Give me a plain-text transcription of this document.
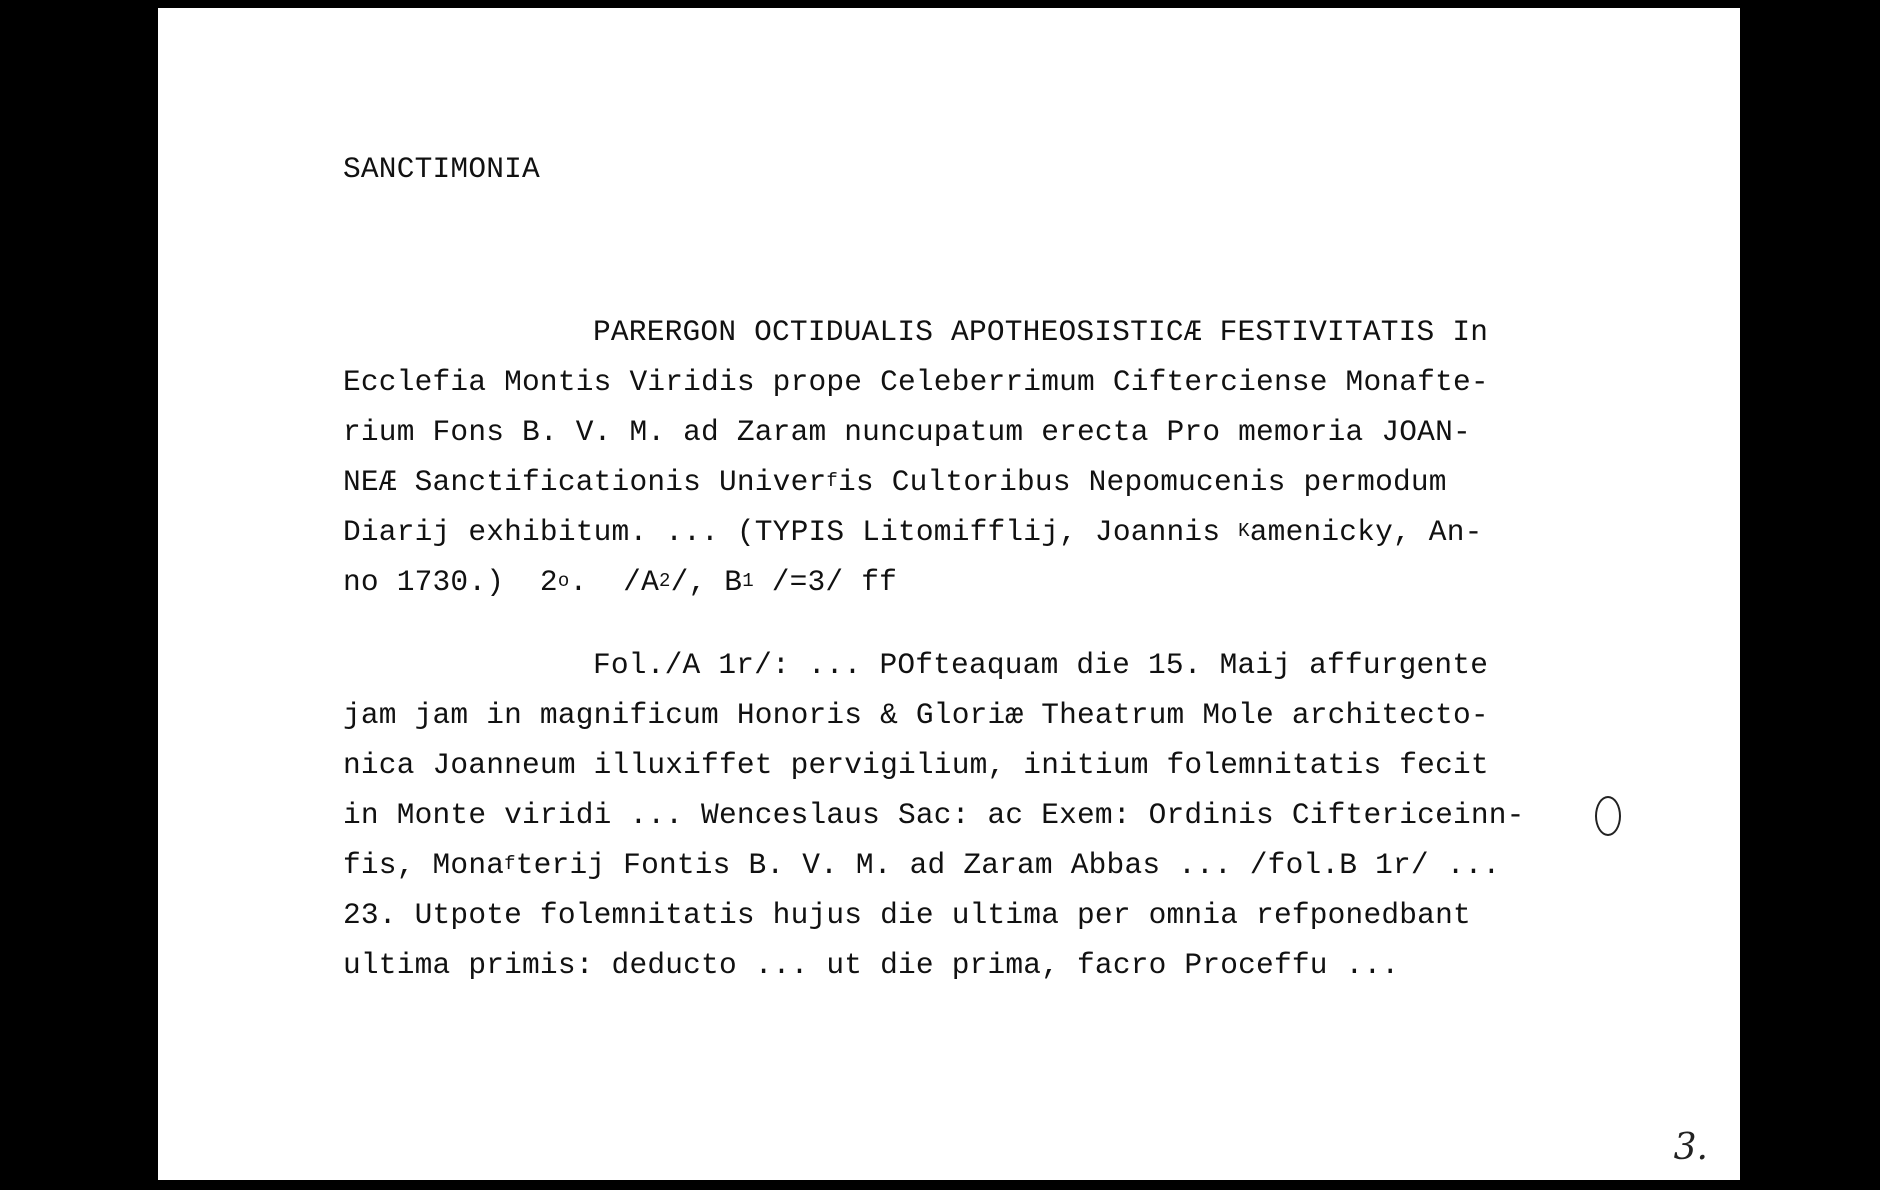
SANCTIMONIA

PARERGON OCTIDUALIS APOTHEOSISTICÆ FESTIVITATIS In

Ecclefia Montis Viridis prope Celeberrimum Cifterciense Monafte-

rium Fons B. V. M. ad Zaram nuncupatum erecta Pro memoria JOAN-

NEÆ Sanctificationis Univer$^f$is Cultoribus Nepomucenis permodum

Diarij exhibitum. ... (TYPIS Litomifflij, Joannis $^K$amenicky, An-

no 1730.)  2$^o$.  $/A^2/$, $B^1$ /=3/ ff

Fol./A 1r/: ... POfteaquam die 15. Maij affurgente

jam jam in magnificum Honoris & Gloriæ Theatrum Mole architecto-

nica Joanneum illuxiffet pervigilium, initium folemnitatis fecit

in Monte viridi ... Wenceslaus Sac: ac Exem: Ordinis Ciftericeinn-

fis, Mona$^f$terij Fontis B. V. M. ad Zaram Abbas ... /fol.B 1r/ ...

23. Utpote folemnitatis hujus die ultima per omnia refponedbant

ultima primis: deducto ... ut die prima, facro Proceffu ...

3.
